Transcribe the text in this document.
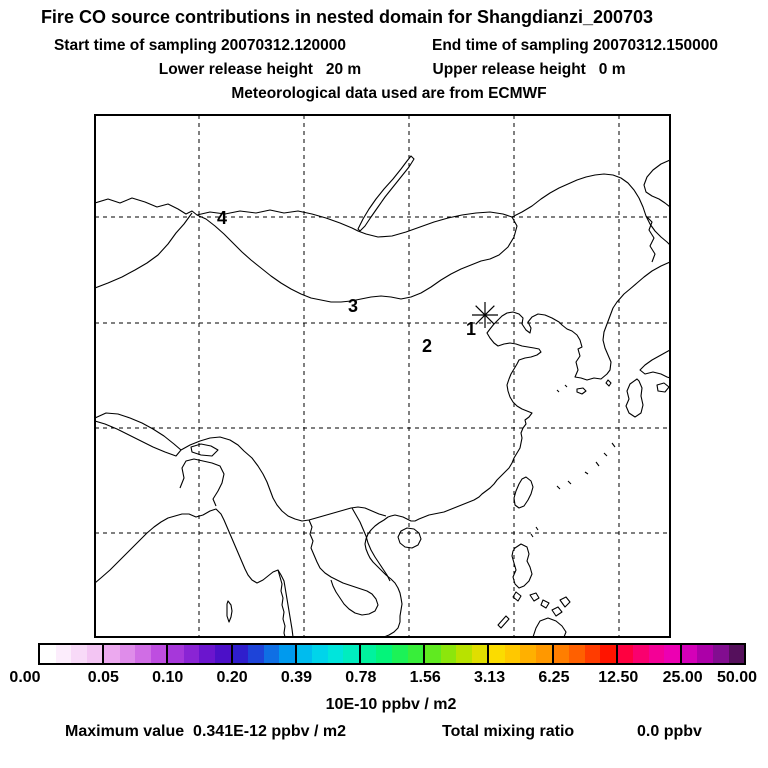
Fire CO source contributions in nested domain for Shangdianzi_200703
Start time of sampling 20070312.120000	End time of sampling 20070312.150000
Lower release height   20 m	Upper release height   0 m
Meteorological data used are from ECMWF
1
2
3
4
0.00	0.05 0.10 0.20 0.39 0.78 1.56 3.13 6.25 12.50 25.00 50.00
10E-10 ppbv / m2
Maximum value 0.341E-12 ppbv / m2	Total mixing ratio	0.0 ppbv
